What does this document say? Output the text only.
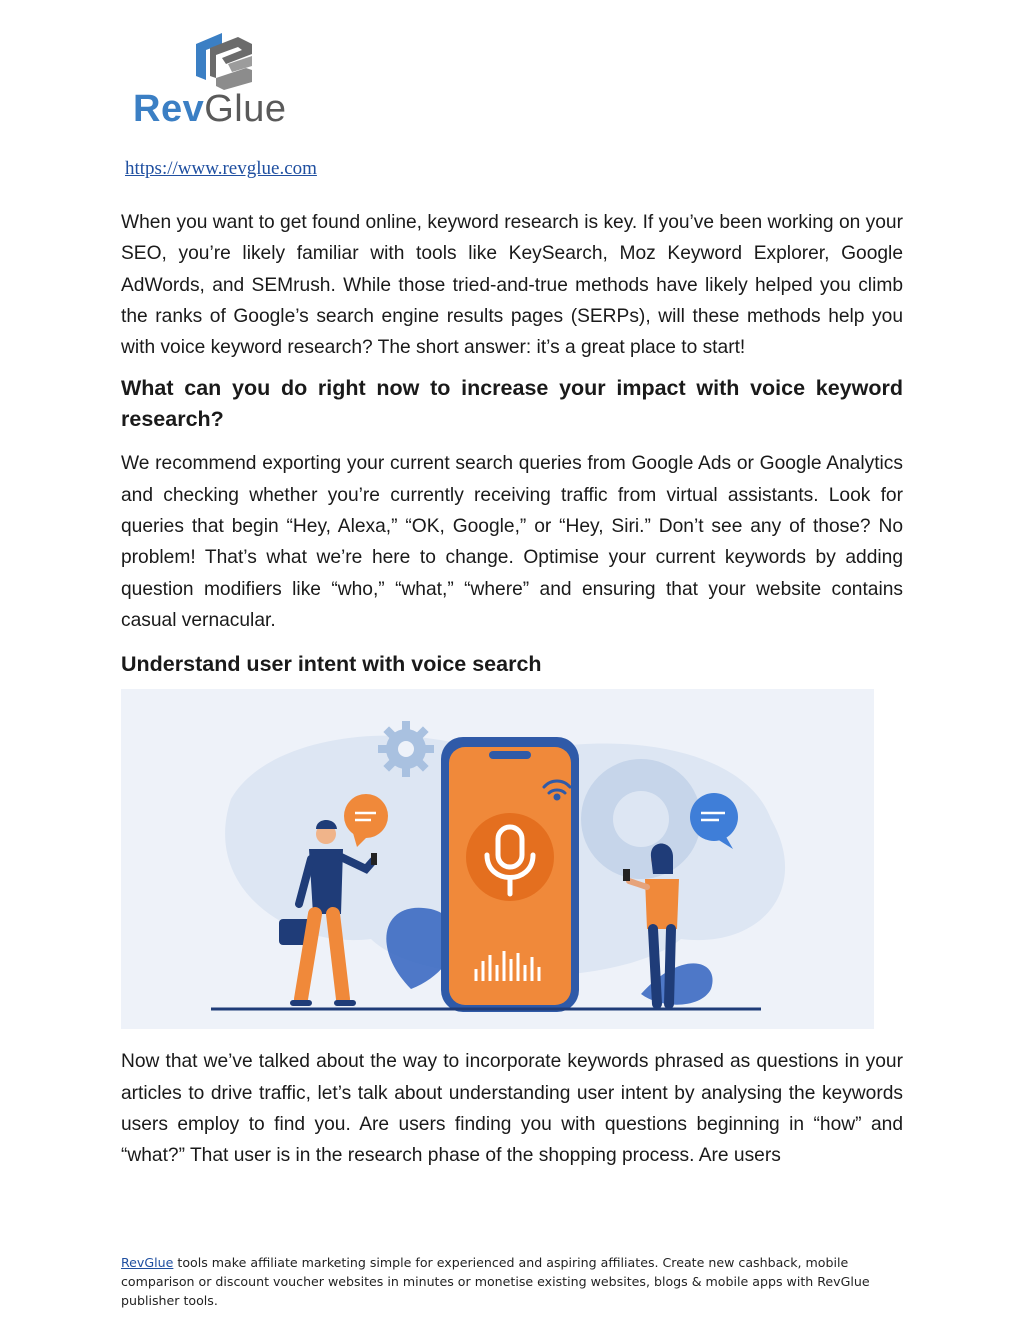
RevGlue
https://www.revglue.com

When you want to get found online, keyword research is key. If you’ve been working on your SEO, you’re likely familiar with tools like KeySearch, Moz Keyword Explorer, Google AdWords, and SEMrush. While those tried-and-true methods have likely helped you climb the ranks of Google’s search engine results pages (SERPs), will these methods help you with voice keyword research? The short answer: it’s a great place to start!

What can you do right now to increase your impact with voice keyword research?

We recommend exporting your current search queries from Google Ads or Google Analytics and checking whether you’re currently receiving traffic from virtual assistants. Look for queries that begin “Hey, Alexa,” “OK, Google,” or “Hey, Siri.” Don’t see any of those? No problem! That’s what we’re here to change. Optimise your current keywords by adding question modifiers like “who,” “what,” “where” and ensuring that your website contains casual vernacular.

Understand user intent with voice search

Now that we’ve talked about the way to incorporate keywords phrased as questions in your articles to drive traffic, let’s talk about understanding user intent by analysing the keywords users employ to find you. Are users finding you with questions beginning in “how” and “what?” That user is in the research phase of the shopping process. Are users

RevGlue tools make affiliate marketing simple for experienced and aspiring affiliates. Create new cashback, mobile comparison or discount voucher websites in minutes or monetise existing websites, blogs & mobile apps with RevGlue publisher tools.
